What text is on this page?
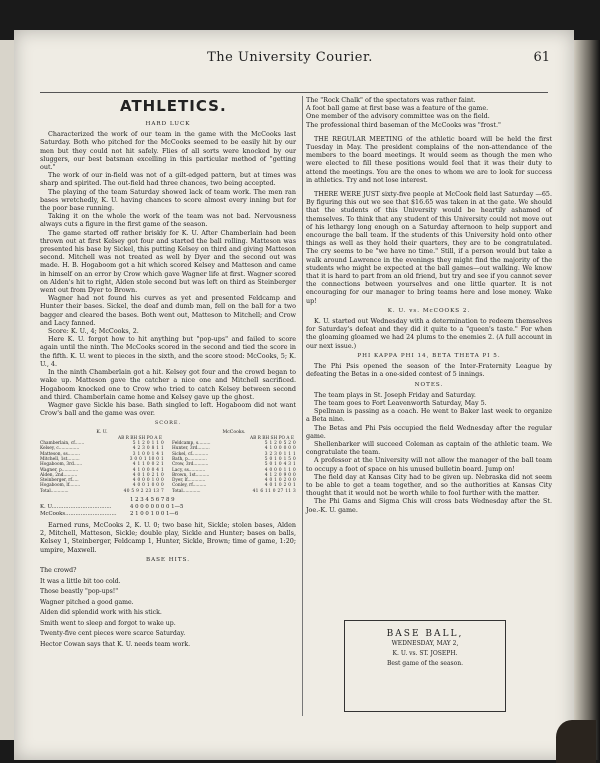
The University Courier.	61
ATHLETICS.
HARD LUCK

Characterized the work of our team in the game with the McCooks last Saturday. Both who pitched for the McCooks seemed to be easily hit by our men but they could not hit safely. Flies of all sorts were knocked by our sluggers, our best batsman excelling in this particular method of "getting out."

The work of our in-field was not of a gilt-edged pattern, but at times was sharp and spirited. The out-field had three chances, two being accepted.

The playing of the team Saturday showed lack of team work. The men ran bases wretchedly, K. U. having chances to score almost every inning but for the poor base running.

Taking it on the whole the work of the team was not bad. Nervousness always cuts a figure in the first game of the season.

The game started off rather briskly for K. U. After Chamberlain had been thrown out at first Kelsey got four and started the ball rolling. Matteson was presented his base by Sickel, this putting Kelsey on third and giving Matteson second. Mitchell was not treated as well by Dyer and the second out was made. H. B. Hogaboom got a hit which scored Kelsey and Matteson and came in himself on an error by Crow which gave Wagner life at first. Wagner scored on Alden's hit to right, Alden stole second but was left on third as Steinberger went out from Dyer to Brown.

Wagner had not found his curves as yet and presented Feldcamp and Hunter their bases. Sickel, the deaf and dumb man, fell on the ball for a two bagger and cleared the bases. Both went out, Matteson to Mitchell; and Crow and Lacy fanned.

Score: K. U., 4; McCooks, 2.

Here K. U. forgot how to hit anything but "pop-ups" and failed to score again until the ninth. The McCooks scored in the second and tied the score in the fifth. K. U. went to pieces in the sixth, and the score stood: McCooks, 5; K. U., 4.

In the ninth Chamberlain got a hit. Kelsey got four and the crowd began to wake up. Matteson gave the catcher a nice one and Mitchell sacrificed. Hogaboom knocked one to Crow who tried to catch Kelsey between second and third. Chamberlain came home and Kelsey gave up the ghost.

Wagner gave Sickle his base. Bath singled to left. Hogaboom did not want Crow's ball and the game was over.

SCORE.
K. U.
AB R BH SH PO A E
Chamberlain, cf.......	5 1 2 0 1 1 0
Kelsey, c...............	4 2 3 0 8 1 1
Matteson, ss.........	3 1 0 0 1 4 1
Mitchell, 1st.........	3 0 0 1 10 0 1
Hogaboom, 3rd......	4 1 1 0 0 2 1
Wagner, p............	4 1 0 0 0 4 1
Alden, 2nd..........	4 0 1 0 2 1 0
Steinberger, rf.....	4 0 0 0 1 0 0
Hogaboom, lf........	4 0 0 1 0 0 0
Total.............	40 5 9 2 23 13 7
McCooks.
AB R BH SH PO A E
Feldcamp, s.........	5 1 2 0 5 2 0
Hunter, 3rd.........	4 1 0 0 0 0 0
Sickel, cf............	3 2 3 0 1 1 1
Bath, p..............	5 0 1 0 1 5 0
Crow, 3rd...........	5 0 1 0 4 3 1
Lacy, ss............	4 0 0 0 1 1 0
Brown, 1st..........	4 1 2 0 9 0 0
Dyer, lf.............	4 0 1 0 2 0 0
Conley, rf..........	4 0 1 0 2 0 1
Total.............	41 6 11 0 27 11 3
1 2 3 4 5 6 7 8 9
K. U...................................	4 0 0 0 0 0 0 0 1—5
McCooks..............................	2 1 0 0 1 0 0 1—6

Earned runs, McCooks 2, K. U. 0; two base hit, Sickle; stolen bases, Alden 2, Mitchell, Matteson, Sickle; double play, Sickle and Hunter; bases on balls, Kelsey 1, Steinberger, Feldcamp 1, Hunter, Sickle, Brown; time of game, 1:20; umpire, Maxwell.

BASE HITS.

The crowd?

It was a little bit too cold.

Those beastly "pop-ups!"

Wagner pitched a good game.

Alden did splendid work with his stick.

Smith went to sleep and forgot to wake up.

Twenty-five cent pieces were scarce Saturday.

Hector Cowan says that K. U. needs team work.

The "Rock Chalk" of the spectators was rather faint.

A foot ball game at first base was a feature of the game.

One member of the advisory committee was on the field.

The professional third baseman of the McCooks was "frost."

THE REGULAR MEETING of the athletic board will be held the first Tuesday in May. The president complains of the non-attendance of the members to the board meetings. It would seem as though the men who were elected to fill these positions would feel that it was their duty to attend the meetings. You are the ones to whom we are to look for success in athletics. Try and not lose interest.

THERE WERE JUST sixty-five people at McCook field last Saturday —65. By figuring this out we see that $16.65 was taken in at the gate. We should that the students of this University would be heartily ashamed of themselves. To think that any student of this University could not move out of his lethargy long enough on a Saturday afternoon to help support and encourage the ball team. If the students of this University hold onto other things as well as they hold their quarters, they are to be congratulated. The cry seems to be "we have no time." Still, if a person would but take a walk around Lawrence in the evenings they might find the majority of the students who might be expected at the ball games—out walking. We know that it is hard to part from an old friend, but try and see if you cannot sever the connections between yourselves and one little quarter. It is not encouraging for our manager to bring teams here and lose money. Wake up!

K. U. vs. McCOOKS 2.

K. U. started out Wednesday with a determination to redeem themselves for Saturday's defeat and they did it quite to a "queen's taste." For when the gloaming gloamed we had 24 plums to the enemies 2. (A full account in our next issue.)

PHI KAPPA PHI 14, BETA THETA PI 5.

The Phi Psis opened the season of the Inter-Fraternity League by defeating the Betas in a one-sided contest of 5 innings.

NOTES.

The team plays in St. Joseph Friday and Saturday.

The team goes to Fort Leavenworth Saturday, May 5.

Spellman is passing as a coach. He went to Baker last week to organize a Beta nine.

The Betas and Phi Psis occupied the field Wednesday after the regular game.

Shellenbarker will succeed Coleman as captain of the athletic team. We congratulate the team.

A professor at the University will not allow the manager of the ball team to occupy a foot of space on his unused bulletin board. Jump on!

The field day at Kansas City had to be given up. Nebraska did not seem to be able to get a team together, and so the authorities at Kansas City thought that it would not be worth while to fool further with the matter.

The Phi Gams and Sigma Chis will cross bats Wednesday after the St. Joe.-K. U. game.

BASE BALL,
WEDNESDAY, MAY 2,
K. U. vs. ST. JOSEPH.
Best game of the season.
